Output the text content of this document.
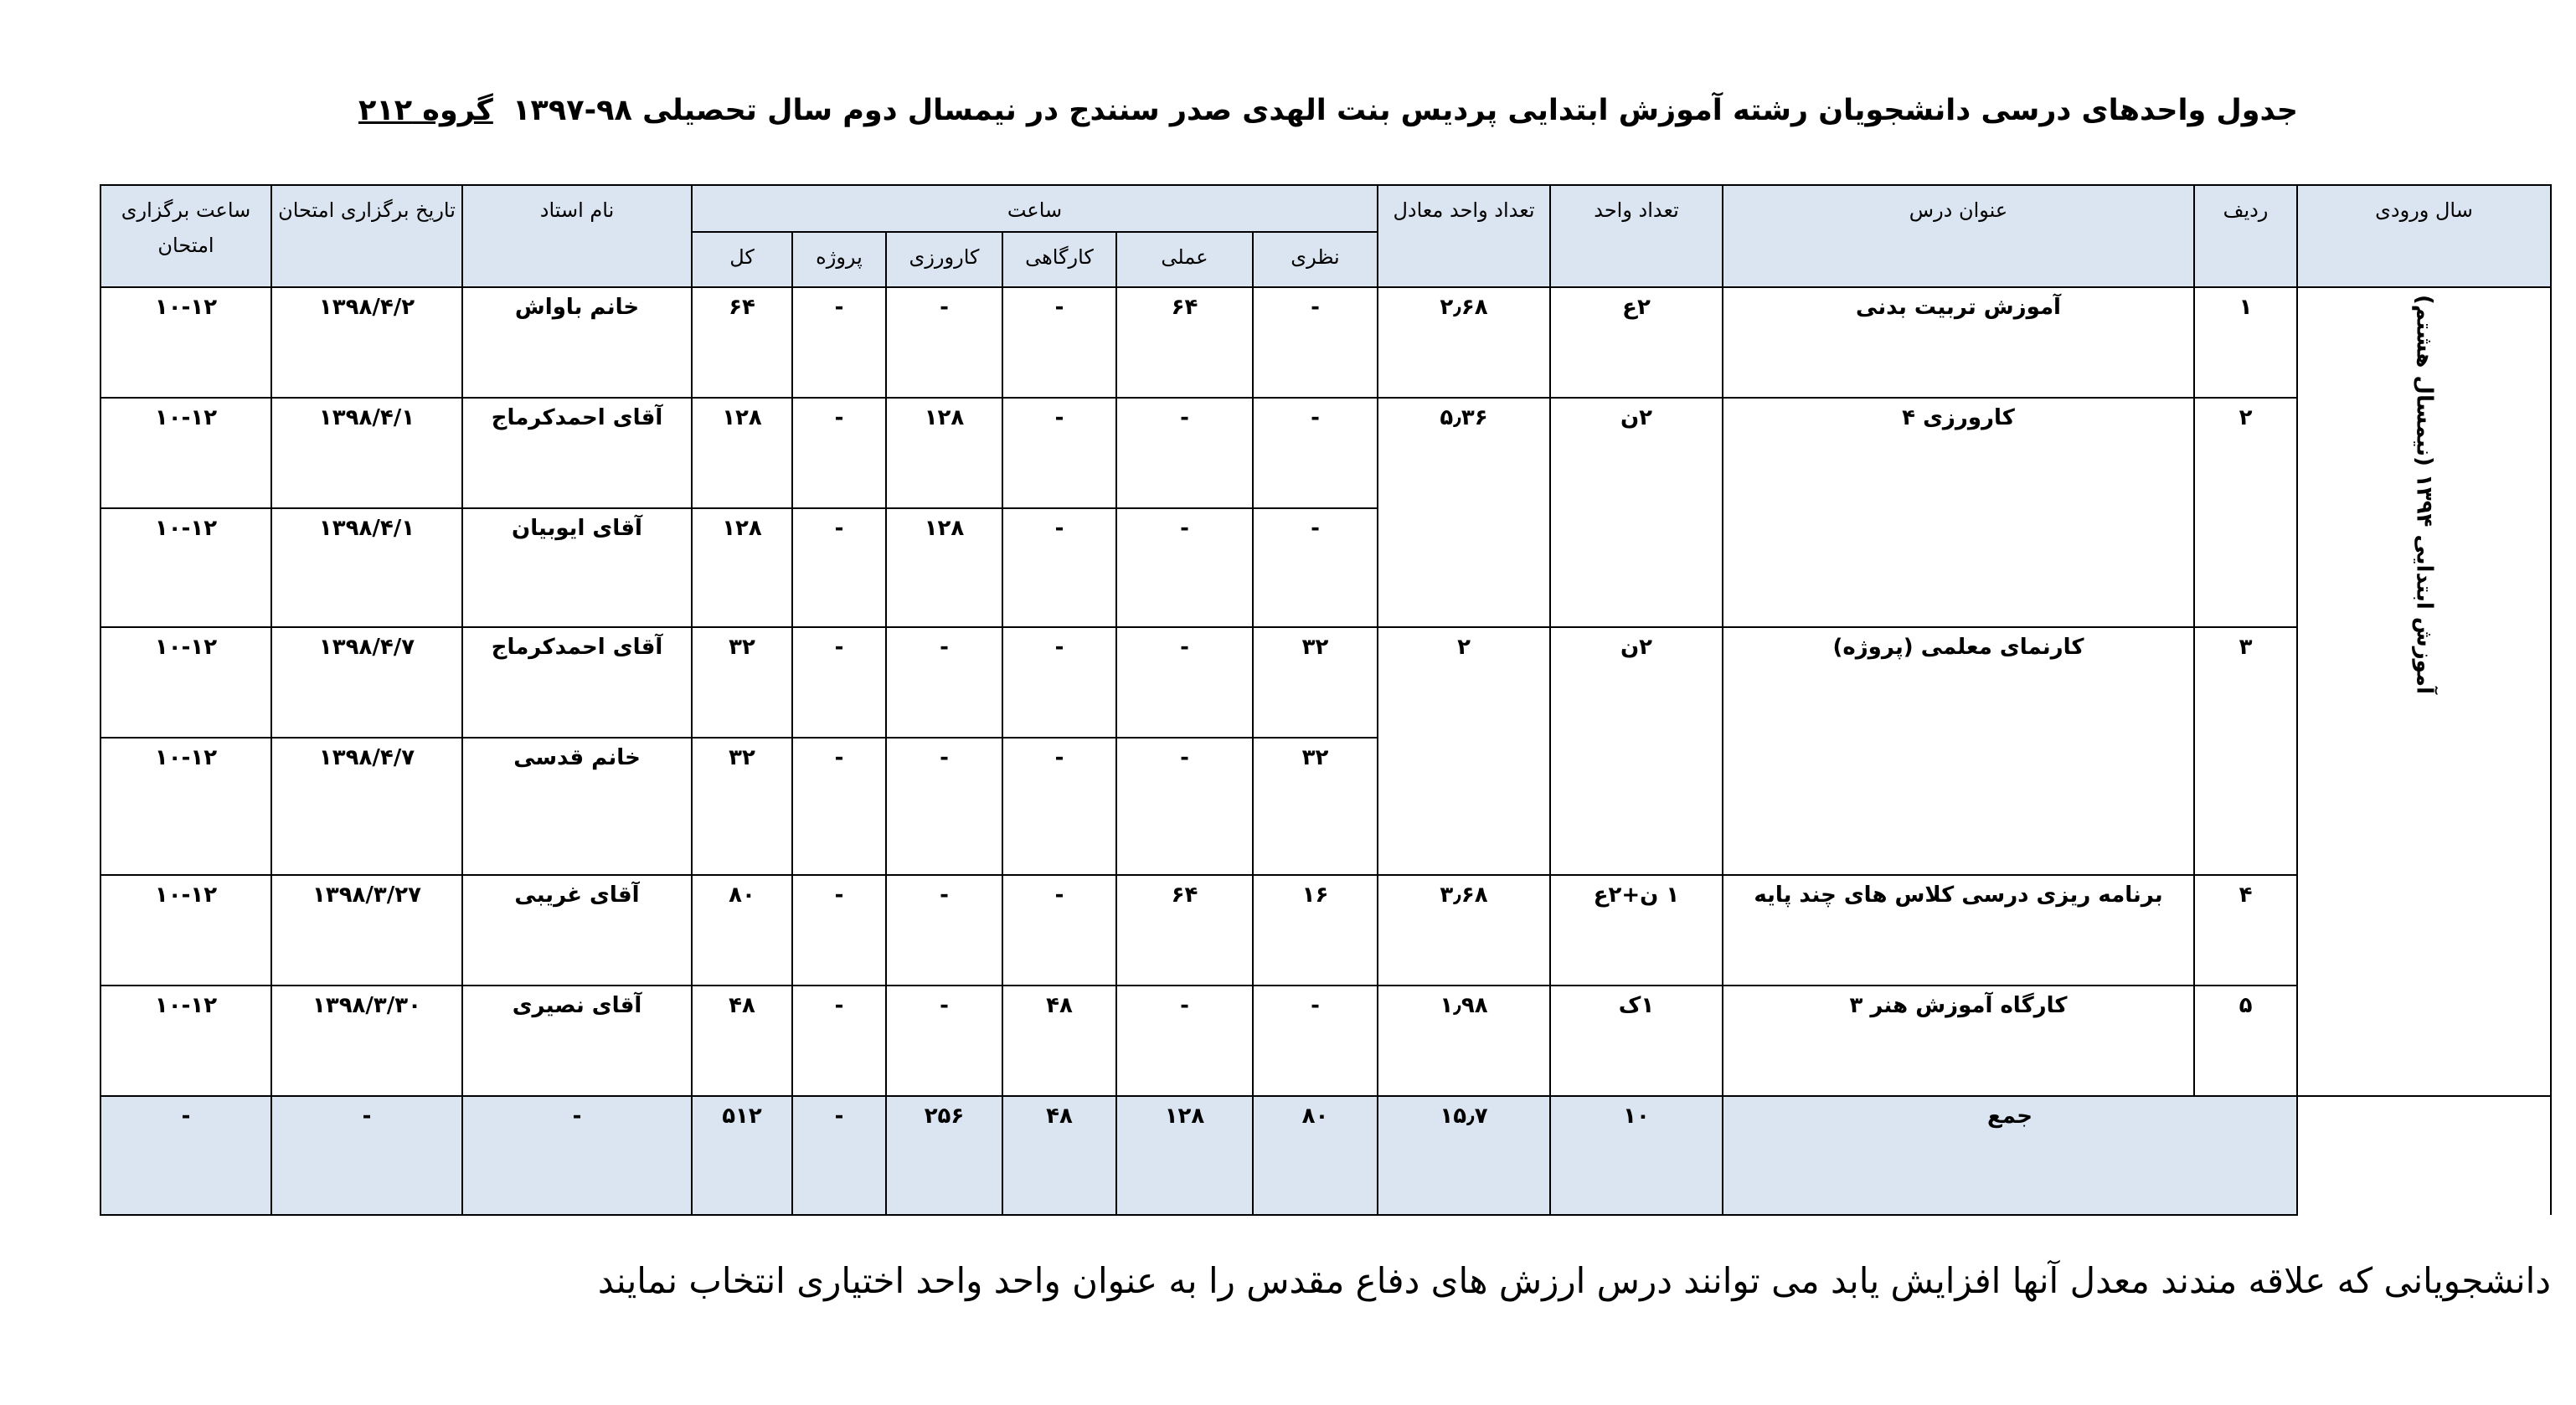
جدول واحدهای درسی دانشجویان رشته آموزش ابتدایی پردیس بنت الهدی صدر سنندج در نیمسال دوم سال تحصیلی ۹۸-۱۳۹۷
گروه ۲۱۲
سال ورودی	ردیف	عنوان درس	تعداد واحد	تعداد واحد معادل	ساعت						نام استاد	تاریخ برگزاری امتحان	ساعت برگزاری امتحان
					نظری	عملی	کارگاهی	کارورزی	پروژه	کل			
آموزش ابتدایی ۱۳۹۴ (نیمسال هشتم)	۱	آموزش تربیت بدنی	۲ع	۲٫۶۸	-	۶۴	-	-	-	۶۴	خانم باواش	۱۳۹۸/۴/۲	۱۰-۱۲
	۲	کارورزی ۴	۲ن	۵٫۳۶	-	-	-	۱۲۸	-	۱۲۸	آقای احمدکرماج	۱۳۹۸/۴/۱	۱۰-۱۲
					-	-	-	۱۲۸	-	۱۲۸	آقای ایوبیان	۱۳۹۸/۴/۱	۱۰-۱۲
	۳	کارنمای معلمی (پروژه)	۲ن	۲	۳۲	-	-	-	-	۳۲	آقای احمدکرماج	۱۳۹۸/۴/۷	۱۰-۱۲
					۳۲	-	-	-	-	۳۲	خانم قدسی	۱۳۹۸/۴/۷	۱۰-۱۲
	۴	برنامه ریزی درسی کلاس های چند پایه	۱ ن+۲ع	۳٫۶۸	۱۶	۶۴	-	-	-	۸۰	آقای غریبی	۱۳۹۸/۳/۲۷	۱۰-۱۲
	۵	کارگاه آموزش هنر ۳	۱ک	۱٫۹۸	-	-	۴۸	-	-	۴۸	آقای نصیری	۱۳۹۸/۳/۳۰	۱۰-۱۲
	جمع		۱۰	۱۵٫۷	۸۰	۱۲۸	۴۸	۲۵۶	-	۵۱۲	-	-	-
دانشجویانی که علاقه مندند معدل آنها افزایش یابد می توانند درس ارزش های دفاع مقدس را به عنوان واحد واحد اختیاری انتخاب نمایند
